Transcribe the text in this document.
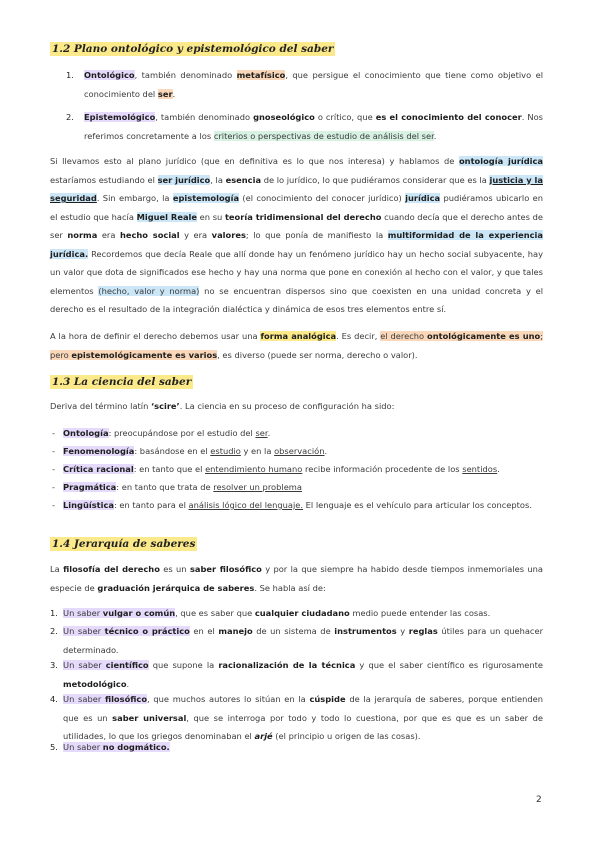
1.2 Plano ontológico y epistemológico del saber
1. Ontológico, también denominado metafísico, que persigue el conocimiento que tiene como objetivo el conocimiento del ser.

2. Epistemológico, también denominado gnoseológico o crítico, que es el conocimiento del conocer. Nos referimos concretamente a los criterios o perspectivas de estudio de análisis del ser.

Si llevamos esto al plano jurídico (que en definitiva es lo que nos interesa) y hablamos de ontología jurídica estaríamos estudiando el ser jurídico, la esencia de lo jurídico, lo que pudiéramos considerar que es la justicia y la seguridad. Sin embargo, la epistemología (el conocimiento del conocer jurídico) jurídica pudiéramos ubicarlo en el estudio que hacía Miguel Reale en su teoría tridimensional del derecho cuando decía que el derecho antes de ser norma era hecho social y era valores; lo que ponía de manifiesto la multiformidad de la experiencia jurídica. Recordemos que decía Reale que allí donde hay un fenómeno jurídico hay un hecho social subyacente, hay un valor que dota de significados ese hecho y hay una norma que pone en conexión al hecho con el valor, y que tales elementos (hecho, valor y norma) no se encuentran dispersos sino que coexisten en una unidad concreta y el derecho es el resultado de la integración dialéctica y dinámica de esos tres elementos entre sí.

A la hora de definir el derecho debemos usar una forma analógica. Es decir, el derecho ontológicamente es uno; pero epistemológicamente es varios, es diverso (puede ser norma, derecho o valor).

1.3 La ciencia del saber

Deriva del término latín ‘scire’. La ciencia en su proceso de configuración ha sido:

- Ontología: preocupándose por el estudio del ser.

- Fenomenología: basándose en el estudio y en la observación.

- Crítica racional: en tanto que el entendimiento humano recibe información procedente de los sentidos.

- Pragmática: en tanto que trata de resolver un problema

- Lingüística: en tanto para el análisis lógico del lenguaje. El lenguaje es el vehículo para articular los conceptos.

1.4 Jerarquía de saberes

La filosofía del derecho es un saber filosófico y por la que siempre ha habido desde tiempos inmemoriales una especie de graduación jerárquica de saberes. Se habla así de:

1. Un saber vulgar o común, que es saber que cualquier ciudadano medio puede entender las cosas.

2. Un saber técnico o práctico en el manejo de un sistema de instrumentos y reglas útiles para un quehacer determinado.

3. Un saber científico que supone la racionalización de la técnica y que el saber científico es rigurosamente metodológico.

4. Un saber filosófico, que muchos autores lo sitúan en la cúspide de la jerarquía de saberes, porque entienden que es un saber universal, que se interroga por todo y todo lo cuestiona, por que es que es un saber de utilidades, lo que los griegos denominaban el arjé (el principio u origen de las cosas).

5. Un saber no dogmático.

2
